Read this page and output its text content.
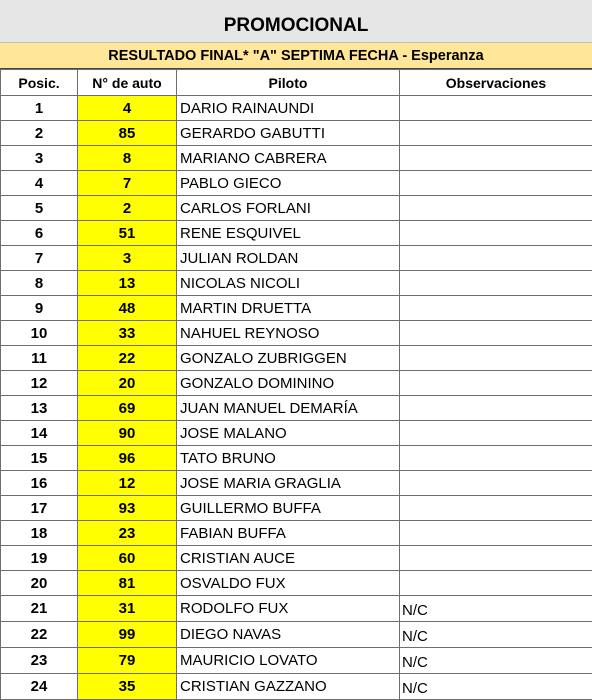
PROMOCIONAL
RESULTADO FINAL* "A" SEPTIMA FECHA - Esperanza
Posic.	N° de auto	Piloto	Observaciones
1	4	DARIO RAINAUNDI	
2	85	GERARDO GABUTTI	
3	8	MARIANO CABRERA	
4	7	PABLO GIECO	
5	2	CARLOS FORLANI	
6	51	RENE ESQUIVEL	
7	3	JULIAN ROLDAN	
8	13	NICOLAS NICOLI	
9	48	MARTIN DRUETTA	
10	33	NAHUEL REYNOSO	
11	22	GONZALO ZUBRIGGEN	
12	20	GONZALO DOMININO	
13	69	JUAN MANUEL DEMARÍA	
14	90	JOSE MALANO	
15	96	TATO BRUNO	
16	12	JOSE MARIA GRAGLIA	
17	93	GUILLERMO BUFFA	
18	23	FABIAN BUFFA	
19	60	CRISTIAN AUCE	
20	81	OSVALDO FUX	
21	31	RODOLFO FUX	N/C
22	99	DIEGO NAVAS	N/C
23	79	MAURICIO LOVATO	N/C
24	35	CRISTIAN GAZZANO	N/C
